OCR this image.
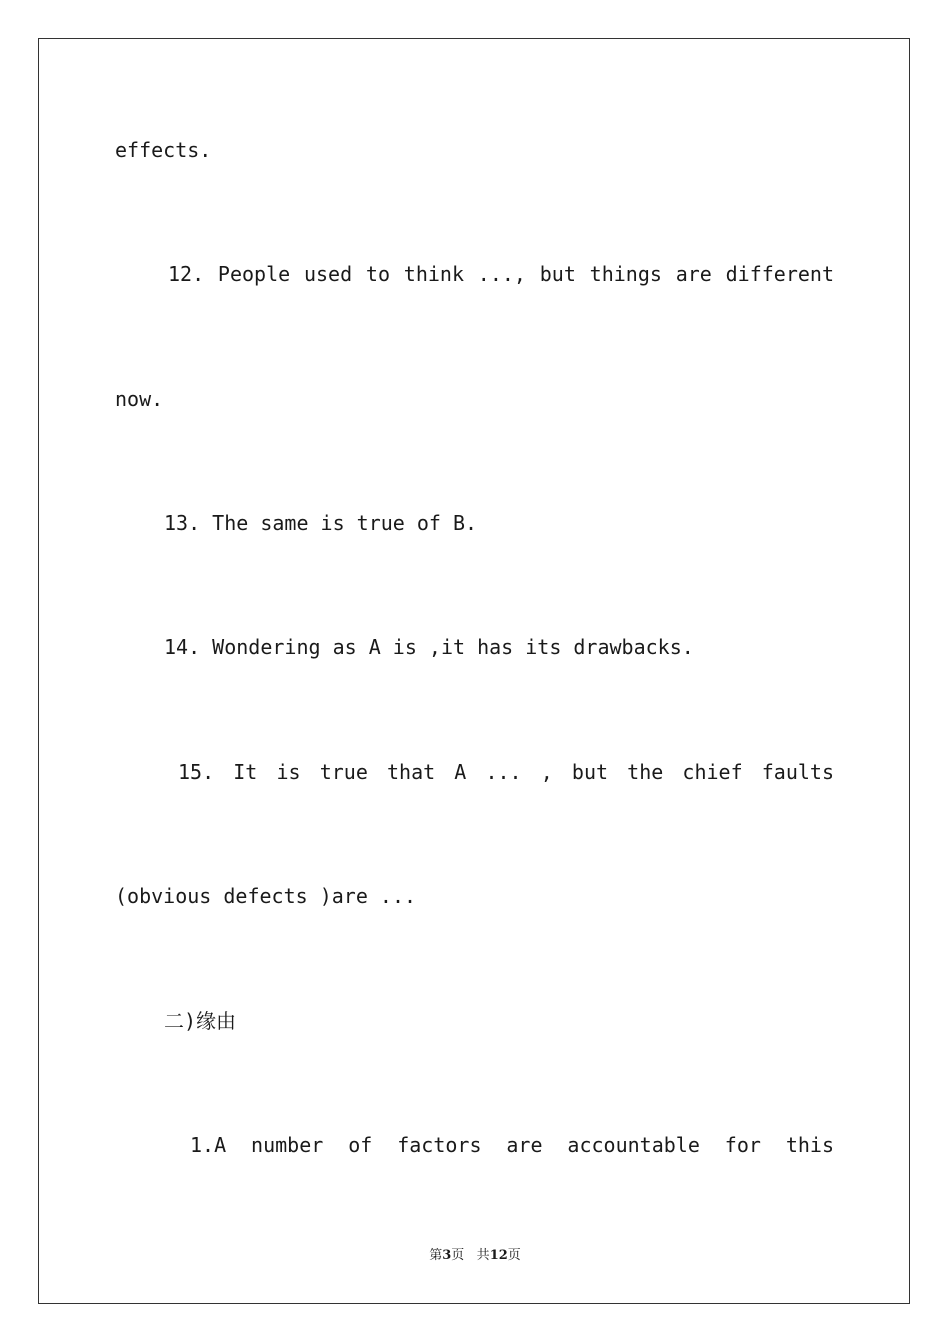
effects.
12. People used to think ..., but things are different
now.
13. The same is true of B.
14. Wondering as A is ,it has its drawbacks.
15. It is true that A ... , but the chief faults
(obvious defects )are ...
二)缘由
1.A number of factors are accountable for this
第3页 共12页
